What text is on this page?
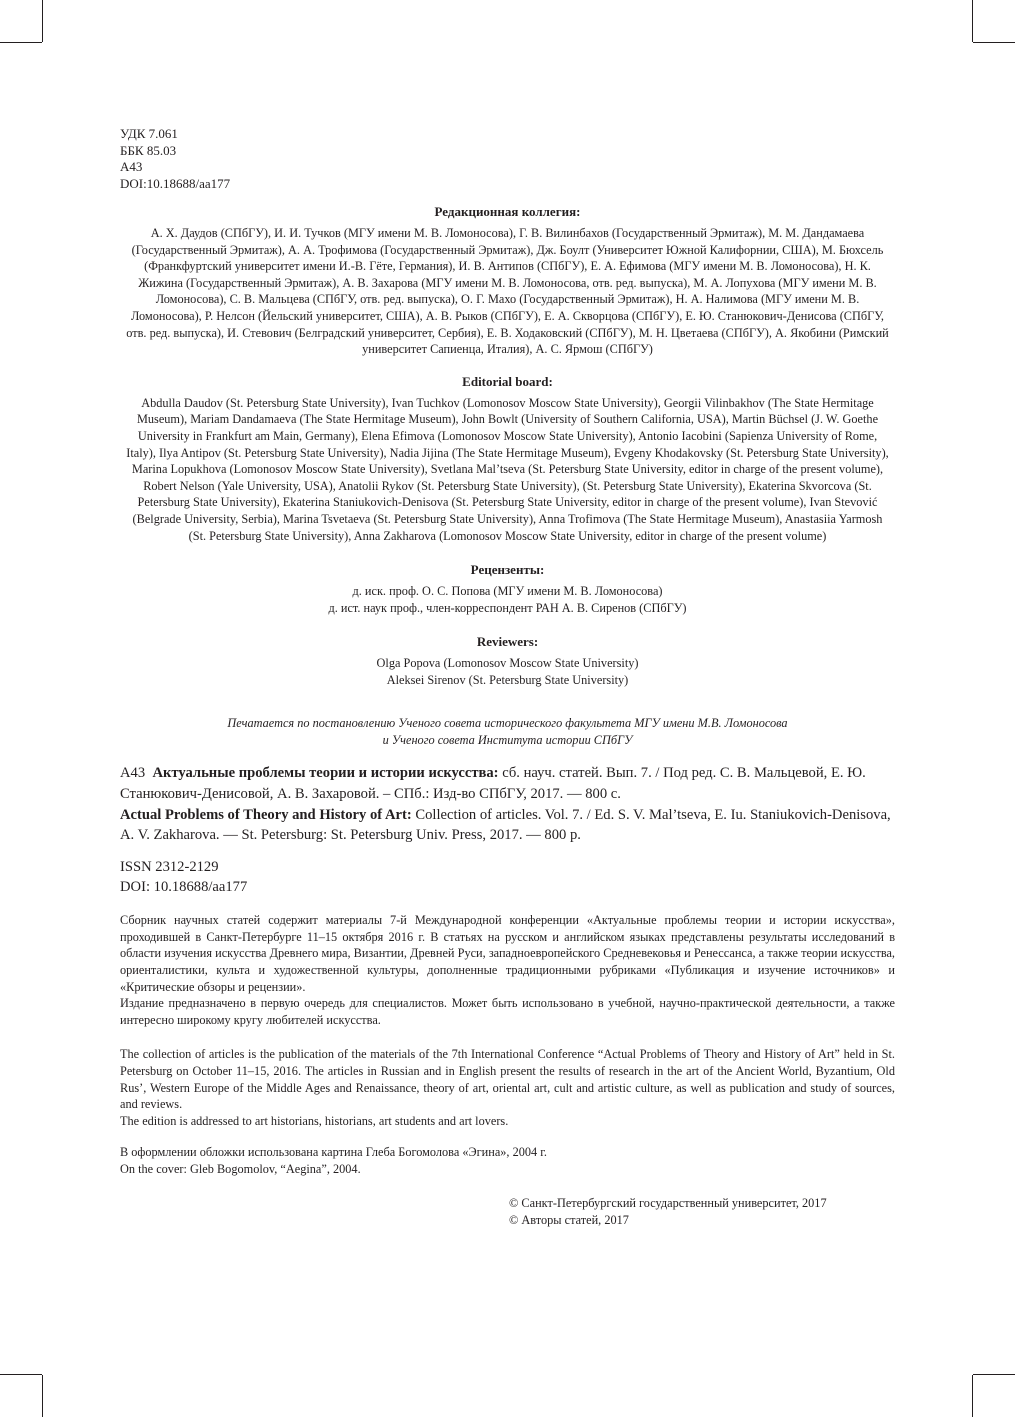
УДК 7.061
ББК 85.03
А43
DOI:10.18688/aa177
Редакционная коллегия:
А. Х. Даудов (СПбГУ), И. И. Тучков (МГУ имени М. В. Ломоносова), Г. В. Вилинбахов (Государственный Эрмитаж), М. М. Дандамаева (Государственный Эрмитаж), А. А. Трофимова (Государственный Эрмитаж), Дж. Боулт (Университет Южной Калифорнии, США), М. Бюхсель (Франкфуртский университет имени И.-В. Гёте, Германия), И. В. Антипов (СПбГУ), Е. А. Ефимова (МГУ имени М. В. Ломоносова), Н. К. Жижина (Государственный Эрмитаж), А. В. Захарова (МГУ имени М. В. Ломоносова, отв. ред. выпуска), М. А. Лопухова (МГУ имени М. В. Ломоносова), С. В. Мальцева (СПбГУ, отв. ред. выпуска), О. Г. Махо (Государственный Эрмитаж), Н. А. Налимова (МГУ имени М. В. Ломоносова), Р. Нелсон (Йельский университет, США), А. В. Рыков (СПбГУ), Е. А. Скворцова (СПбГУ), Е. Ю. Станюкович-Денисова (СПбГУ, отв. ред. выпуска), И. Стевович (Белградский университет, Сербия), Е. В. Ходаковский (СПбГУ), М. Н. Цветаева (СПбГУ), А. Якобини (Римский университет Сапиенца, Италия), А. С. Ярмош (СПбГУ)
Editorial board:
Abdulla Daudov (St. Petersburg State University), Ivan Tuchkov (Lomonosov Moscow State University), Georgii Vilinbakhov (The State Hermitage Museum), Mariam Dandamaeva (The State Hermitage Museum), John Bowlt (University of Southern California, USA), Martin Büchsel (J. W. Goethe University in Frankfurt am Main, Germany), Elena Efimova (Lomonosov Moscow State University), Antonio Iacobini (Sapienza University of Rome, Italy), Ilya Antipov (St. Petersburg State University), Nadia Jijina (The State Hermitage Museum), Evgeny Khodakovsky (St. Petersburg State University), Marina Lopukhova (Lomonosov Moscow State University), Svetlana Mal’tseva (St. Petersburg State University, editor in charge of the present volume), Robert Nelson (Yale University, USA), Anatolii Rykov (St. Petersburg State University), (St. Petersburg State University), Ekaterina Skvorcova (St. Petersburg State University), Ekaterina Staniukovich-Denisova (St. Petersburg State University, editor in charge of the present volume), Ivan Stevović (Belgrade University, Serbia), Marina Tsvetaeva (St. Petersburg State University), Anna Trofimova (The State Hermitage Museum), Anastasiia Yarmosh (St. Petersburg State University), Anna Zakharova (Lomonosov Moscow State University, editor in charge of the present volume)
Рецензенты:
д. иск. проф. О. С. Попова (МГУ имени М. В. Ломоносова)
д. ист. наук проф., член-корреспондент РАН А. В. Сиренов (СПбГУ)
Reviewers:
Olga Popova (Lomonosov Moscow State University)
Aleksei Sirenov (St. Petersburg State University)
Печатается по постановлению Ученого совета исторического факультета МГУ имени М.В. Ломоносова
и Ученого совета Института истории СПбГУ
А43 Актуальные проблемы теории и истории искусства: сб. науч. статей. Вып. 7. / Под ред. С. В. Мальцевой, Е. Ю. Станюкович-Денисовой, А. В. Захаровой. – СПб.: Изд-во СПбГУ, 2017. — 800 с.
Actual Problems of Theory and History of Art: Collection of articles. Vol. 7. / Ed. S. V. Mal’tseva, E. Iu. Staniukovich-Denisova, A. V. Zakharova. — St. Petersburg: St. Petersburg Univ. Press, 2017. — 800 p.
ISSN 2312-2129
DOI: 10.18688/aa177

Сборник научных статей содержит материалы 7-й Международной конференции «Актуальные проблемы теории и истории искусства», проходившей в Санкт-Петербурге 11–15 октября 2016 г. В статьях на русском и английском языках представлены результаты исследований в области изучения искусства Древнего мира, Византии, Древней Руси, западноевропейского Средневековья и Ренессанса, а также теории искусства, ориенталистики, культа и художественной культуры, дополненные традиционными рубриками «Публикация и изучение источников» и «Критические обзоры и рецензии».

Издание предназначено в первую очередь для специалистов. Может быть использовано в учебной, научно-практической деятельности, а также интересно широкому кругу любителей искусства.

The collection of articles is the publication of the materials of the 7th International Conference “Actual Problems of Theory and History of Art” held in St. Petersburg on October 11–15, 2016. The articles in Russian and in English present the results of research in the art of the Ancient World, Byzantium, Old Rus’, Western Europe of the Middle Ages and Renaissance, theory of art, oriental art, cult and artistic culture, as well as publication and study of sources, and reviews.

The edition is addressed to art historians, historians, art students and art lovers.

В оформлении обложки использована картина Глеба Богомолова «Эгина», 2004 г.
On the cover: Gleb Bogomolov, “Aegina”, 2004.
© Санкт-Петербургский государственный университет, 2017
© Авторы статей, 2017
